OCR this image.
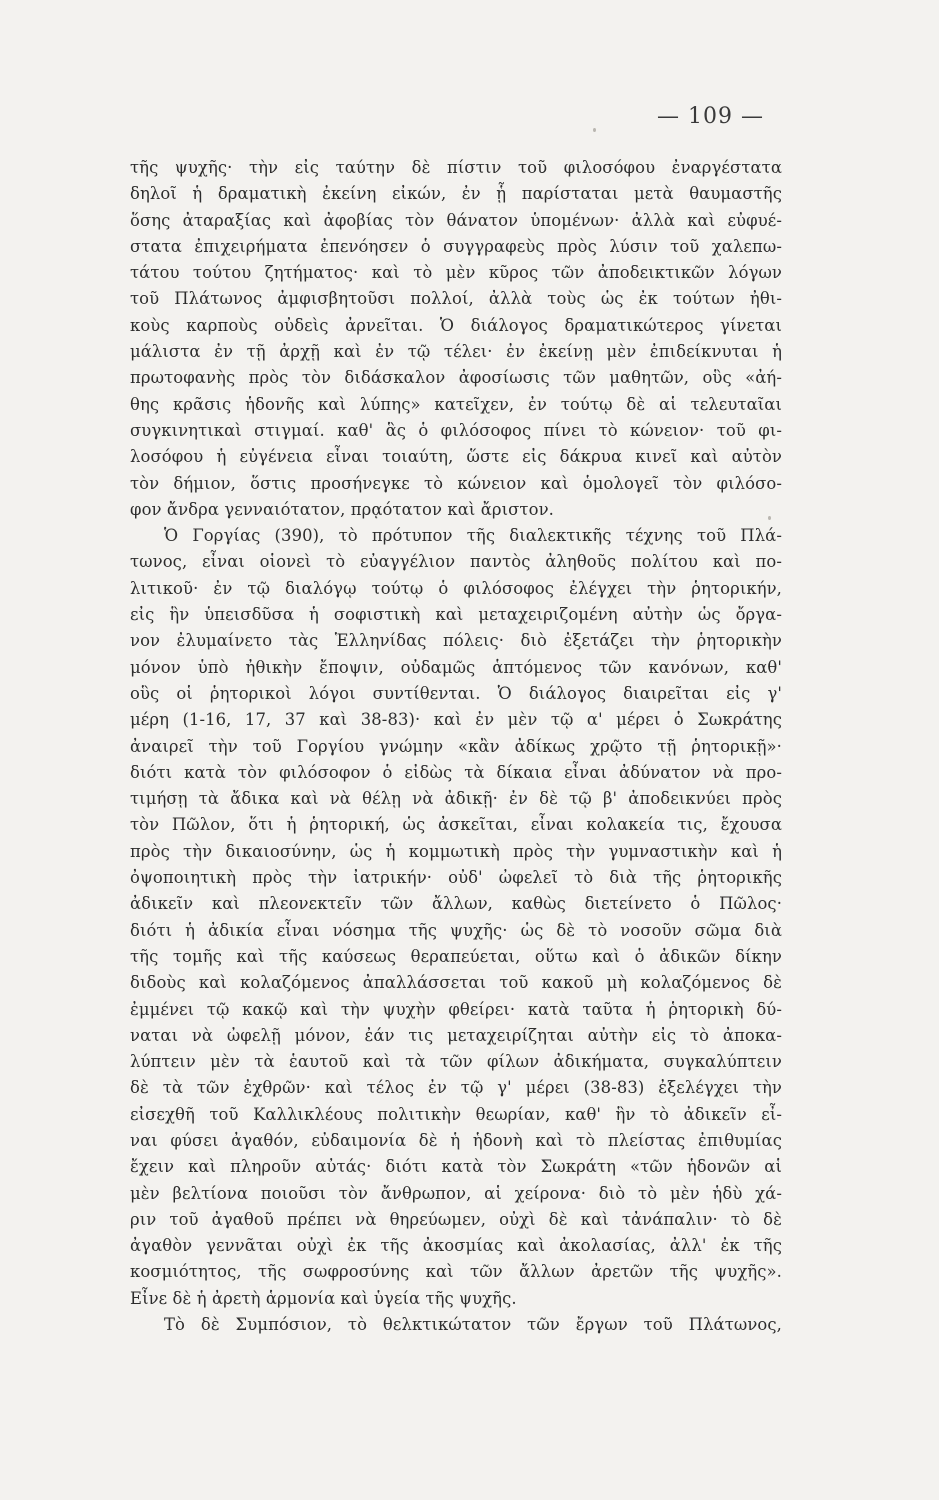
— 109 —
τῆς ψυχῆς· τὴν εἰς ταύτην δὲ πίστιν τοῦ φιλοσόφου ἐναργέστατα
δηλοῖ ἡ δραματικὴ ἐκείνη εἰκών, ἐν ᾗ παρίσταται μετὰ θαυμαστῆς
ὅσης ἀταραξίας καὶ ἀφοβίας τὸν θάνατον ὑπομένων· ἀλλὰ καὶ εὐφυέ-
στατα ἐπιχειρήματα ἐπενόησεν ὁ συγγραφεὺς πρὸς λύσιν τοῦ χαλεπω-
τάτου τούτου ζητήματος· καὶ τὸ μὲν κῦρος τῶν ἀποδεικτικῶν λόγων
τοῦ Πλάτωνος ἀμφισβητοῦσι πολλοί, ἀλλὰ τοὺς ὡς ἐκ τούτων ἠθι-
κοὺς καρποὺς οὐδεὶς ἀρνεῖται. Ὁ διάλογος δραματικώτερος γίνεται
μάλιστα ἐν τῇ ἀρχῇ καὶ ἐν τῷ τέλει· ἐν ἐκείνῃ μὲν ἐπιδείκνυται ἡ
πρωτοφανὴς πρὸς τὸν διδάσκαλον ἀφοσίωσις τῶν μαθητῶν, οὓς «ἀή-
θης κρᾶσις ἡδονῆς καὶ λύπης» κατεῖχεν, ἐν τούτῳ δὲ αἱ τελευταῖαι
συγκινητικαὶ στιγμαί. καθ' ἃς ὁ φιλόσοφος πίνει τὸ κώνειον· τοῦ φι-
λοσόφου ἡ εὐγένεια εἶναι τοιαύτη, ὥστε εἰς δάκρυα κινεῖ καὶ αὐτὸν
τὸν δήμιον, ὅστις προσήνεγκε τὸ κώνειον καὶ ὁμολογεῖ τὸν φιλόσο-
φον ἄνδρα γενναιότατον, πρᾳότατον καὶ ἄριστον.
Ὁ Γοργίας (390), τὸ πρότυπον τῆς διαλεκτικῆς τέχνης τοῦ Πλά-
τωνος, εἶναι οἱονεὶ τὸ εὐαγγέλιον παντὸς ἀληθοῦς πολίτου καὶ πο-
λιτικοῦ· ἐν τῷ διαλόγῳ τούτῳ ὁ φιλόσοφος ἐλέγχει τὴν ῥητορικήν,
εἰς ἣν ὑπεισδῦσα ἡ σοφιστικὴ καὶ μεταχειριζομένη αὐτὴν ὡς ὄργα-
νον ἐλυμαίνετο τὰς Ἑλληνίδας πόλεις· διὸ ἐξετάζει τὴν ῥητορικὴν
μόνον ὑπὸ ἠθικὴν ἔποψιν, οὐδαμῶς ἁπτόμενος τῶν κανόνων, καθ'
οὓς οἱ ῥητορικοὶ λόγοι συντίθενται. Ὁ διάλογος διαιρεῖται εἰς γ'
μέρη (1-16, 17, 37 καὶ 38-83)· καὶ ἐν μὲν τῷ α' μέρει ὁ Σωκράτης
ἀναιρεῖ τὴν τοῦ Γοργίου γνώμην «κἂν ἀδίκως χρῷτο τῇ ῥητορικῇ»·
διότι κατὰ τὸν φιλόσοφον ὁ εἰδὼς τὰ δίκαια εἶναι ἀδύνατον νὰ προ-
τιμήσῃ τὰ ἄδικα καὶ νὰ θέλῃ νὰ ἀδικῇ· ἐν δὲ τῷ β' ἀποδεικνύει πρὸς
τὸν Πῶλον, ὅτι ἡ ῥητορική, ὡς ἀσκεῖται, εἶναι κολακεία τις, ἔχουσα
πρὸς τὴν δικαιοσύνην, ὡς ἡ κομμωτικὴ πρὸς τὴν γυμναστικὴν καὶ ἡ
ὀψοποιητικὴ πρὸς τὴν ἰατρικήν· οὐδ' ὠφελεῖ τὸ διὰ τῆς ῥητορικῆς
ἀδικεῖν καὶ πλεονεκτεῖν τῶν ἄλλων, καθὼς διετείνετο ὁ Πῶλος·
διότι ἡ ἀδικία εἶναι νόσημα τῆς ψυχῆς· ὡς δὲ τὸ νοσοῦν σῶμα διὰ
τῆς τομῆς καὶ τῆς καύσεως θεραπεύεται, οὕτω καὶ ὁ ἀδικῶν δίκην
διδοὺς καὶ κολαζόμενος ἀπαλλάσσεται τοῦ κακοῦ μὴ κολαζόμενος δὲ
ἐμμένει τῷ κακῷ καὶ τὴν ψυχὴν φθείρει· κατὰ ταῦτα ἡ ῥητορικὴ δύ-
ναται νὰ ὠφελῇ μόνον, ἐάν τις μεταχειρίζηται αὐτὴν εἰς τὸ ἀποκα-
λύπτειν μὲν τὰ ἑαυτοῦ καὶ τὰ τῶν φίλων ἀδικήματα, συγκαλύπτειν
δὲ τὰ τῶν ἐχθρῶν· καὶ τέλος ἐν τῷ γ' μέρει (38-83) ἐξελέγχει τὴν
εἰσεχθῆ τοῦ Καλλικλέους πολιτικὴν θεωρίαν, καθ' ἣν τὸ ἀδικεῖν εἶ-
ναι φύσει ἀγαθόν, εὐδαιμονία δὲ ἡ ἡδονὴ καὶ τὸ πλείστας ἐπιθυμίας
ἔχειν καὶ πληροῦν αὐτάς· διότι κατὰ τὸν Σωκράτη «τῶν ἡδονῶν αἱ
μὲν βελτίονα ποιοῦσι τὸν ἄνθρωπον, αἱ χείρονα· διὸ τὸ μὲν ἡδὺ χά-
ριν τοῦ ἀγαθοῦ πρέπει νὰ θηρεύωμεν, οὐχὶ δὲ καὶ τἀνάπαλιν· τὸ δὲ
ἀγαθὸν γεννᾶται οὐχὶ ἐκ τῆς ἀκοσμίας καὶ ἀκολασίας, ἀλλ' ἐκ τῆς
κοσμιότητος, τῆς σωφροσύνης καὶ τῶν ἄλλων ἀρετῶν τῆς ψυχῆς».
Εἶνε δὲ ἡ ἀρετὴ ἁρμονία καὶ ὑγεία τῆς ψυχῆς.
Τὸ δὲ Συμπόσιον, τὸ θελκτικώτατον τῶν ἔργων τοῦ Πλάτωνος,
